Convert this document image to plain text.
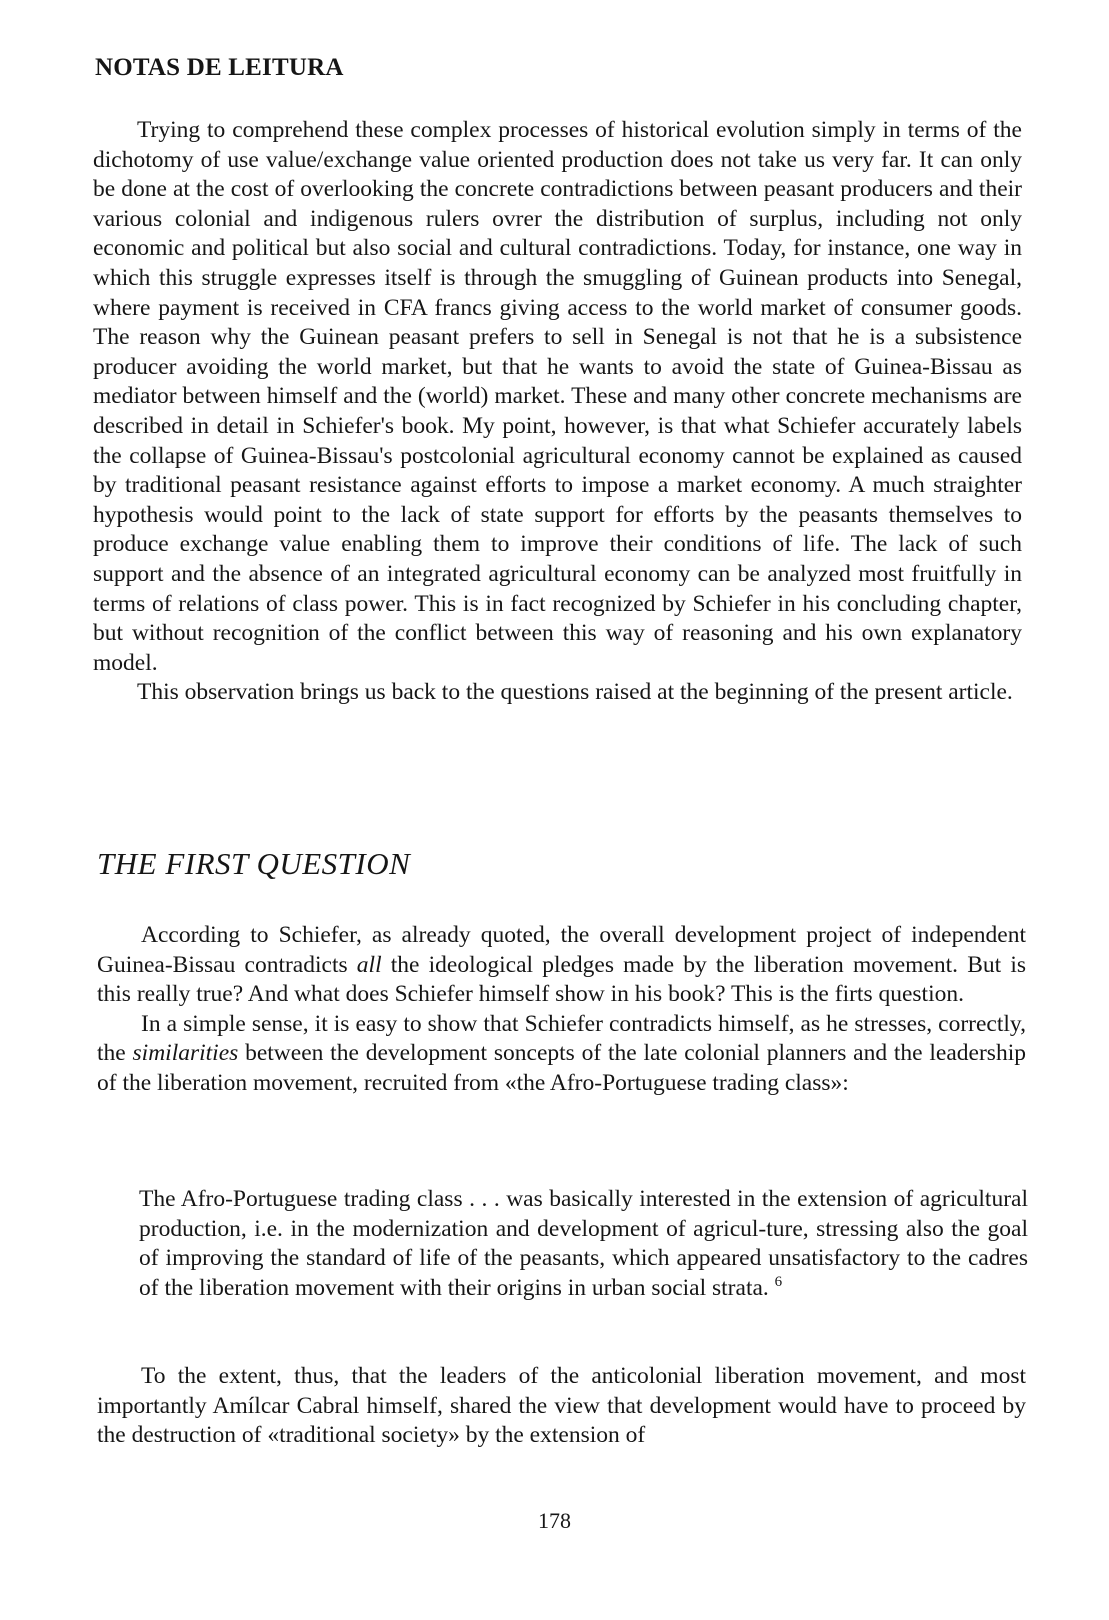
NOTAS DE LEITURA

Trying to comprehend these complex processes of historical evolution simply in terms of the dichotomy of use value/exchange value oriented production does not take us very far. It can only be done at the cost of overlooking the concrete contradictions between peasant producers and their various colonial and indigenous rulers ovrer the distribution of surplus, including not only economic and political but also social and cultural contradictions. Today, for instance, one way in which this struggle expresses itself is through the smuggling of Guinean products into Senegal, where payment is received in CFA francs giving access to the world market of consumer goods. The reason why the Guinean peasant prefers to sell in Senegal is not that he is a subsistence producer avoiding the world market, but that he wants to avoid the state of Guinea-Bissau as mediator between himself and the (world) market. These and many other concrete mechanisms are described in detail in Schiefer's book. My point, however, is that what Schiefer accurately labels the collapse of Guinea-Bissau's postcolonial agricultural economy cannot be explained as caused by traditional peasant resistance against efforts to impose a market economy. A much straighter hypothesis would point to the lack of state support for efforts by the peasants themselves to produce exchange value enabling them to improve their conditions of life. The lack of such support and the absence of an integrated agricultural economy can be analyzed most fruitfully in terms of relations of class power. This is in fact recognized by Schiefer in his concluding chapter, but without recognition of the conflict between this way of reasoning and his own explanatory model.

This observation brings us back to the questions raised at the beginning of the present article.

THE FIRST QUESTION

According to Schiefer, as already quoted, the overall development project of independent Guinea-Bissau contradicts all the ideological pledges made by the liberation movement. But is this really true? And what does Schiefer himself show in his book? This is the firts question.

In a simple sense, it is easy to show that Schiefer contradicts himself, as he stresses, correctly, the similarities between the development soncepts of the late colonial planners and the leadership of the liberation movement, recruited from «the Afro-Portuguese trading class»:

The Afro-Portuguese trading class . . . was basically interested in the extension of agricultural production, i.e. in the modernization and development of agricul-ture, stressing also the goal of improving the standard of life of the peasants, which appeared unsatisfactory to the cadres of the liberation movement with their origins in urban social strata. $^6$

To the extent, thus, that the leaders of the anticolonial liberation movement, and most importantly Amílcar Cabral himself, shared the view that development would have to proceed by the destruction of «traditional society» by the extension of

178
